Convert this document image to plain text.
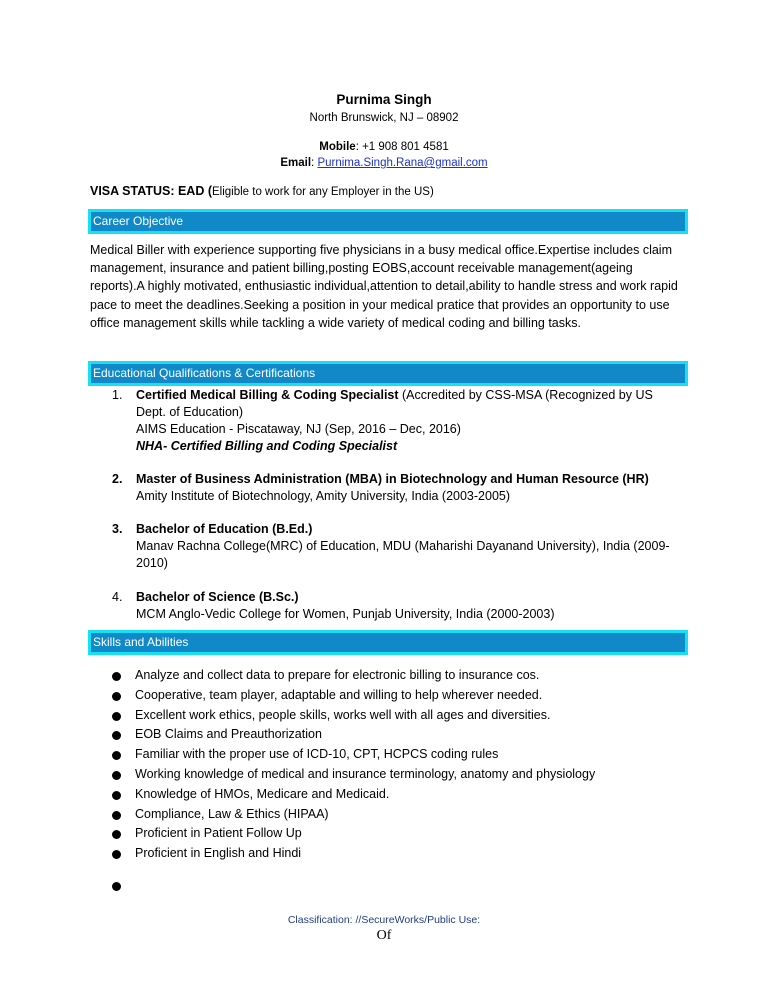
Purnima Singh
North Brunswick, NJ – 08902
Mobile: +1 908 801 4581
Email: Purnima.Singh.Rana@gmail.com
VISA STATUS: EAD (Eligible to work for any Employer in the US)
Career Objective
Medical Biller with experience supporting five physicians in a busy medical office.Expertise includes claim management, insurance and patient billing,posting EOBS,account receivable management(ageing reports).A highly motivated, enthusiastic individual,attention to detail,ability to handle stress and work rapid pace to meet the deadlines.Seeking a position in your medical pratice that provides an opportunity to use office management skills while tackling a wide variety of medical coding and billing tasks.
Educational Qualifications & Certifications
1.	Certified Medical Billing & Coding Specialist (Accredited by CSS-MSA (Recognized by US Dept. of Education)
AIMS Education - Piscataway, NJ (Sep, 2016 – Dec, 2016)
NHA- Certified Billing and Coding Specialist
2.	Master of Business Administration (MBA) in Biotechnology and Human Resource (HR)
Amity Institute of Biotechnology, Amity University, India (2003-2005)
3.	Bachelor of Education (B.Ed.)
Manav Rachna College(MRC) of Education, MDU (Maharishi Dayanand University), India (2009-2010)
4.	Bachelor of Science (B.Sc.)
MCM Anglo-Vedic College for Women, Punjab University, India (2000-2003)
Skills and Abilities
Analyze and collect data to prepare for electronic billing to insurance cos.
Cooperative, team player, adaptable and willing to help wherever needed.
Excellent work ethics, people skills, works well with all ages and diversities.
EOB Claims and Preauthorization
Familiar with the proper use of ICD-10, CPT, HCPCS coding rules
Working knowledge of medical and insurance terminology, anatomy and physiology
Knowledge of HMOs, Medicare and Medicaid.
Compliance, Law & Ethics (HIPAA)
Proficient in Patient Follow Up
Proficient in English and Hindi
Classification: //SecureWorks/Public Use:
Of
